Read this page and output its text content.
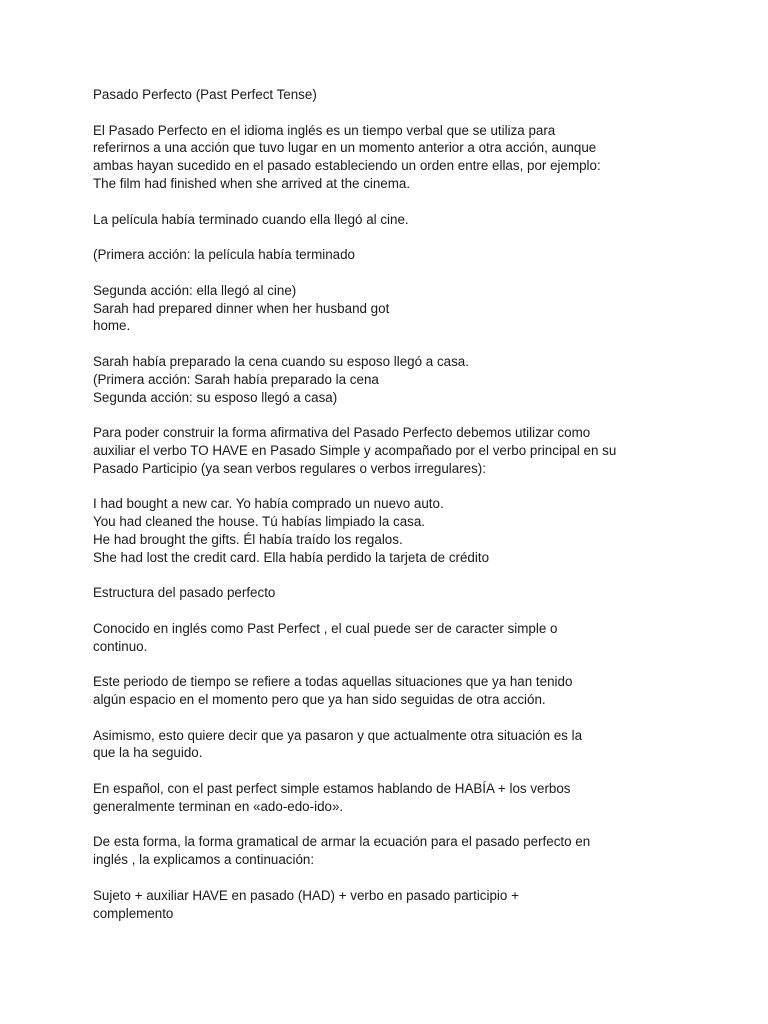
Pasado Perfecto (Past Perfect Tense)

El Pasado Perfecto en el idioma inglés es un tiempo verbal que se utiliza para
referirnos a una acción que tuvo lugar en un momento anterior a otra acción, aunque
ambas hayan sucedido en el pasado estableciendo un orden entre ellas, por ejemplo:
The film had finished when she arrived at the cinema.

La película había terminado cuando ella llegó al cine.

(Primera acción: la película había terminado

Segunda acción: ella llegó al cine)
Sarah had prepared dinner when her husband got
home.

Sarah había preparado la cena cuando su esposo llegó a casa.
(Primera acción: Sarah había preparado la cena
Segunda acción: su esposo llegó a casa)

Para poder construir la forma afirmativa del Pasado Perfecto debemos utilizar como
auxiliar el verbo TO HAVE en Pasado Simple y acompañado por el verbo principal en su
Pasado Participio (ya sean verbos regulares o verbos irregulares):

I had bought a new car. Yo había comprado un nuevo auto.
You had cleaned the house. Tú habías limpiado la casa.
He had brought the gifts. Él había traído los regalos.
She had lost the credit card. Ella había perdido la tarjeta de crédito

Estructura del pasado perfecto

Conocido en inglés como Past Perfect , el cual puede ser de caracter simple o
continuo.

Este periodo de tiempo se refiere a todas aquellas situaciones que ya han tenido
algún espacio en el momento pero que ya han sido seguidas de otra acción.

Asimismo, esto quiere decir que ya pasaron y que actualmente otra situación es la
que la ha seguido.

En español, con el past perfect simple estamos hablando de HABÍA + los verbos
generalmente terminan en «ado-edo-ido».

De esta forma, la forma gramatical de armar la ecuación para el pasado perfecto en
inglés , la explicamos a continuación:

Sujeto + auxiliar HAVE en pasado (HAD) + verbo en pasado participio +
complemento
